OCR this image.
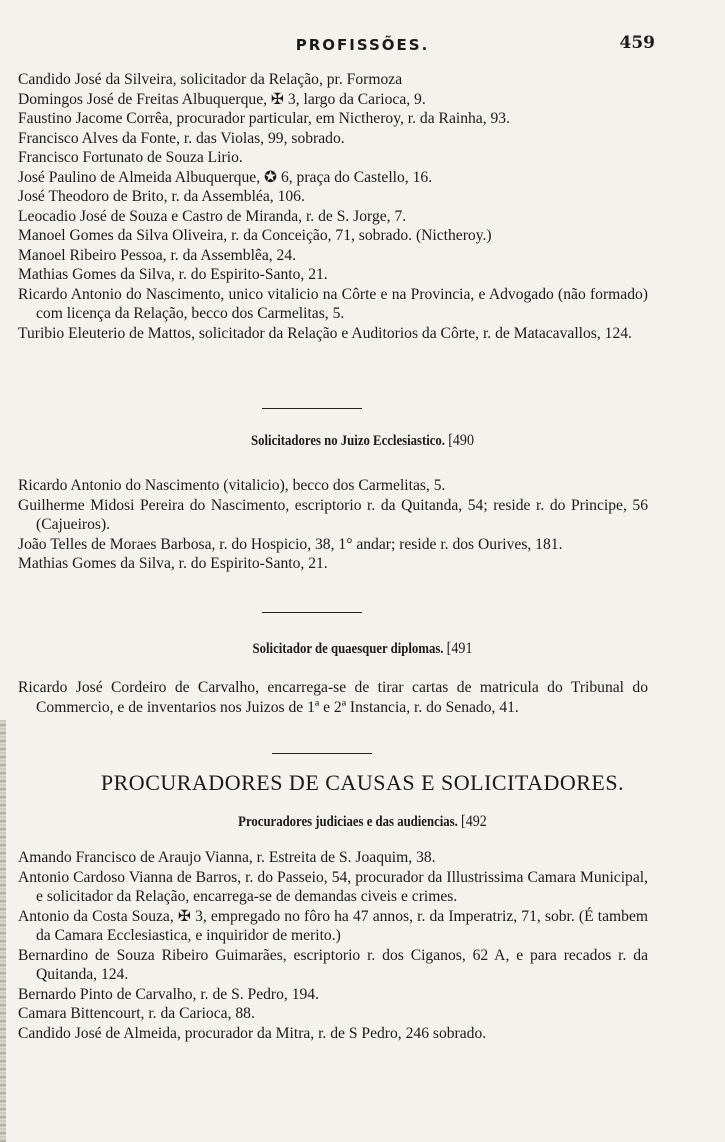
PROFISSÕES.	459

Candido José da Silveira, solicitador da Relação, pr. Formoza

Domingos José de Freitas Albuquerque, ✠ 3, largo da Carioca, 9.

Faustino Jacome Corrêa, procurador particular, em Nictheroy, r. da Rainha, 93.

Francisco Alves da Fonte, r. das Violas, 99, sobrado.

Francisco Fortunato de Souza Lirio.

José Paulino de Almeida Albuquerque, ✪ 6, praça do Castello, 16.

José Theodoro de Brito, r. da Assembléa, 106.

Leocadio José de Souza e Castro de Miranda, r. de S. Jorge, 7.

Manoel Gomes da Silva Oliveira, r. da Conceição, 71, sobrado. (Nictheroy.)

Manoel Ribeiro Pessoa, r. da Assemblêa, 24.

Mathias Gomes da Silva, r. do Espirito-Santo, 21.

Ricardo Antonio do Nascimento, unico vitalicio na Côrte e na Provincia, e Advogado (não formado) com licença da Relação, becco dos Carmelitas, 5.

Turibio Eleuterio de Mattos, solicitador da Relação e Auditorios da Côrte, r. de Matacavallos, 124.

Solicitadores no Juizo Ecclesiastico. [490

Ricardo Antonio do Nascimento (vitalicio), becco dos Carmelitas, 5.

Guilherme Midosi Pereira do Nascimento, escriptorio r. da Quitanda, 54; reside r. do Principe, 56 (Cajueiros).

João Telles de Moraes Barbosa, r. do Hospicio, 38, 1° andar; reside r. dos Ourives, 181.

Mathias Gomes da Silva, r. do Espirito-Santo, 21.

Solicitador de quaesquer diplomas. [491

Ricardo José Cordeiro de Carvalho, encarrega-se de tirar cartas de matricula do Tribunal do Commercio, e de inventarios nos Juizos de 1ª e 2ª Instancia, r. do Senado, 41.

PROCURADORES DE CAUSAS E SOLICITADORES.
Procuradores judiciaes e das audiencias. [492

Amando Francisco de Araujo Vianna, r. Estreita de S. Joaquim, 38.

Antonio Cardoso Vianna de Barros, r. do Passeio, 54, procurador da Illustrissima Camara Municipal, e solicitador da Relação, encarrega-se de demandas civeis e crimes.

Antonio da Costa Souza, ✠ 3, empregado no fôro ha 47 annos, r. da Imperatriz, 71, sobr. (É tambem da Camara Ecclesiastica, e inquiridor de merito.)

Bernardino de Souza Ribeiro Guimarães, escriptorio r. dos Ciganos, 62 A, e para recados r. da Quitanda, 124.

Bernardo Pinto de Carvalho, r. de S. Pedro, 194.

Camara Bittencourt, r. da Carioca, 88.

Candido José de Almeida, procurador da Mitra, r. de S Pedro, 246 sobrado.
